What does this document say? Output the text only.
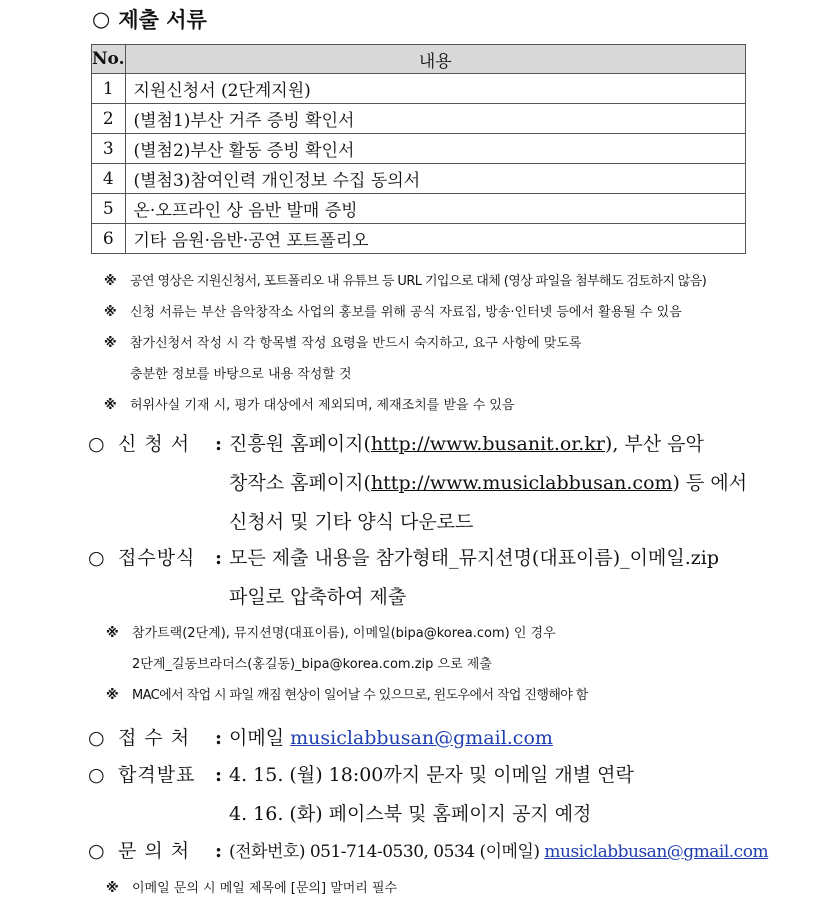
○ 제출 서류
No.	내용
1	지원신청서 (2단계지원)
2	(별첨1)부산 거주 증빙 확인서
3	(별첨2)부산 활동 증빙 확인서
4	(별첨3)참여인력 개인정보 수집 동의서
5	온·오프라인 상 음반 발매 증빙
6	기타 음원·음반·공연 포트폴리오
※ 공연 영상은 지원신청서, 포트폴리오 내 유튜브 등 URL 기입으로 대체 (영상 파일을 첨부해도 검토하지 않음)
※ 신청 서류는 부산 음악창작소 사업의 홍보를 위해 공식 자료집, 방송·인터넷 등에서 활용될 수 있음
※ 참가신청서 작성 시 각 항목별 작성 요령을 반드시 숙지하고, 요구 사항에 맞도록
충분한 정보를 바탕으로 내용 작성할 것
※ 허위사실 기재 시, 평가 대상에서 제외되며, 제재조치를 받을 수 있음
○ 신 청 서	: 진흥원 홈페이지(http://www.busanit.or.kr), 부산 음악
창작소 홈페이지( http://www.musiclabbusan.com ) 등 에서
신청서 및 기타 양식 다운로드
○ 접수방식	: 모든 제출 내용을 참가형태_뮤지션명(대표이름)_이메일.zip
파일로 압축하여 제출
※ 참가트랙(2단계), 뮤지션명(대표이름), 이메일(bipa@korea.com) 인 경우
2단계_길동브라더스(홍길동)_bipa@korea.com.zip 으로 제출
※ MAC에서 작업 시 파일 깨짐 현상이 일어날 수 있으므로, 윈도우에서 작업 진행해야 함
○ 접 수 처	: 이메일 musiclabbusan@gmail.com
○ 합격발표	: 4. 15. (월) 18:00까지 문자 및 이메일 개별 연락
4. 16. (화) 페이스북 및 홈페이지 공지 예정
○ 문 의 처	: (전화번호) 051-714-0530, 0534 (이메일) musiclabbusan@gmail.com
※ 이메일 문의 시 메일 제목에 [문의] 말머리 필수
